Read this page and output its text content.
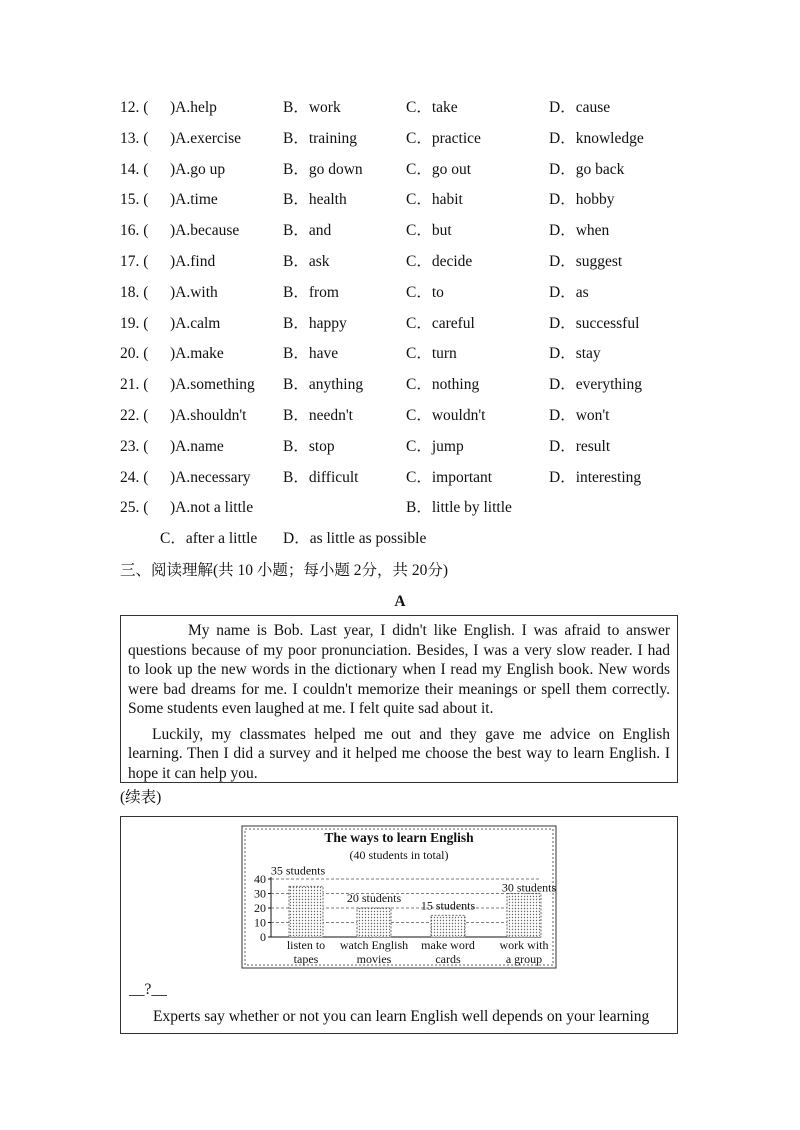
12. ( )A.help	B．work	C．take	D．cause
13. ( )A.exercise	B．training	C．practice	D．knowledge
14. ( )A.go up	B．go down	C．go out	D．go back
15. ( )A.time	B．health	C．habit	D．hobby
16. ( )A.because	B．and	C．but	D．when
17. ( )A.find	B．ask	C．decide	D．suggest
18. ( )A.with	B．from	C．to	D．as
19. ( )A.calm	B．happy	C．careful	D．successful
20. ( )A.make	B．have	C．turn	D．stay
21. ( )A.something B．anything	C．nothing	D．everything
22. ( )A.shouldn't B．needn't	C．wouldn't	D．won't
23. ( )A.name	B．stop	C．jump	D．result
24. ( )A.necessary B．difficult	C．important	D．interesting
25. ( )A.not a little	B．little by little
C．after a little D．as little as possible
三、阅读理解(共 10 小题；每小题 2分，共 20分)
A

My name is Bob. Last year, I didn't like English. I was afraid to answer questions because of my poor pronunciation. Besides, I was a very slow reader. I had to look up the new words in the dictionary when I read my English book. New words were bad dreams for me. I couldn't memorize their meanings or spell them correctly. Some students even laughed at me. I felt quite sad about it.

Luckily, my classmates helped me out and they gave me advice on English learning. Then I did a survey and it helped me choose the best way to learn English. I hope it can help you.

(续表)
The ways to learn English
(40 students in total)
0
10
20
30
40
35 students
listen to
tapes
20 students
watch English
movies
15 students
make word
cards
30 students
work with
a group
__?__
Experts say whether or not you can learn English well depends on your learning
